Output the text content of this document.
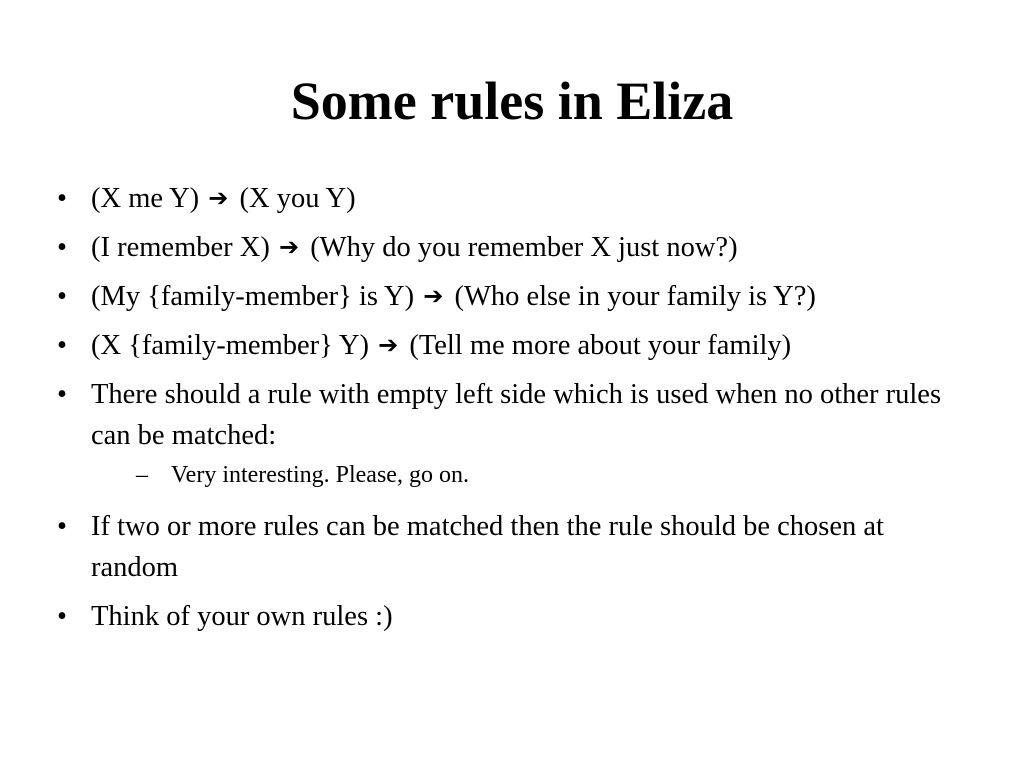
Some rules in Eliza
• (X me Y) ➔ (X you Y)
• (I remember X) ➔ (Why do you remember X just now?)
• (My {family-member} is Y) ➔ (Who else in your family is Y?)
• (X {family-member} Y) ➔ (Tell me more about your family)
• There should a rule with empty left side which is used when no other rules can be matched:
– Very interesting. Please, go on.
• If two or more rules can be matched then the rule should be chosen at random
• Think of your own rules :)
